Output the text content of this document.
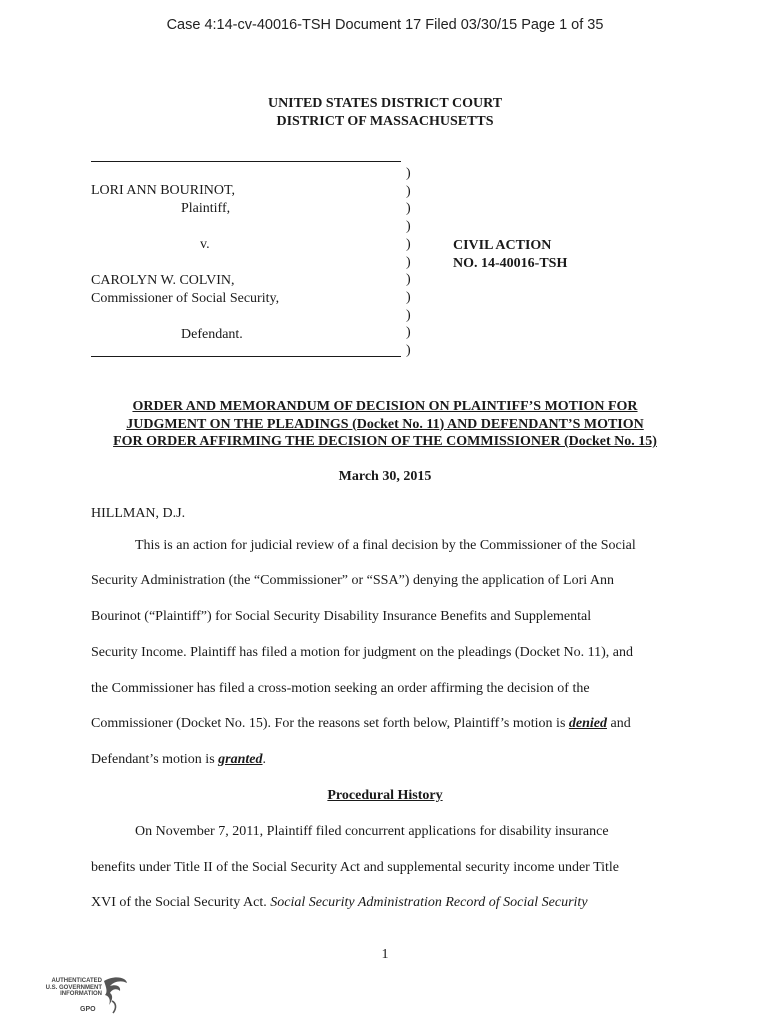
Case 4:14-cv-40016-TSH Document 17 Filed 03/30/15 Page 1 of 35
UNITED STATES DISTRICT COURT
DISTRICT OF MASSACHUSETTS
LORI ANN BOURINOT,
Plaintiff,
v.
CAROLYN W. COLVIN,
Commissioner of Social Security,
Defendant.
)
)
)
)
)
)
)
)
)
)
)
CIVIL ACTION
NO. 14-40016-TSH
ORDER AND MEMORANDUM OF DECISION ON PLAINTIFF’S MOTION FOR
JUDGMENT ON THE PLEADINGS (Docket No. 11) AND DEFENDANT’S MOTION
FOR ORDER AFFIRMING THE DECISION OF THE COMMISSIONER (Docket No. 15)
March 30, 2015
HILLMAN, D.J.
This is an action for judicial review of a final decision by the Commissioner of the Social
Security Administration (the “Commissioner” or “SSA”) denying the application of Lori Ann
Bourinot (“Plaintiff”) for Social Security Disability Insurance Benefits and Supplemental
Security Income. Plaintiff has filed a motion for judgment on the pleadings (Docket No. 11), and
the Commissioner has filed a cross-motion seeking an order affirming the decision of the
Commissioner (Docket No. 15). For the reasons set forth below, Plaintiff’s motion is denied and
Defendant’s motion is granted.
Procedural History
On November 7, 2011, Plaintiff filed concurrent applications for disability insurance
benefits under Title II of the Social Security Act and supplemental security income under Title
XVI of the Social Security Act. Social Security Administration Record of Social Security
1
AUTHENTICATED U.S. GOVERNMENT INFORMATION
GPO
